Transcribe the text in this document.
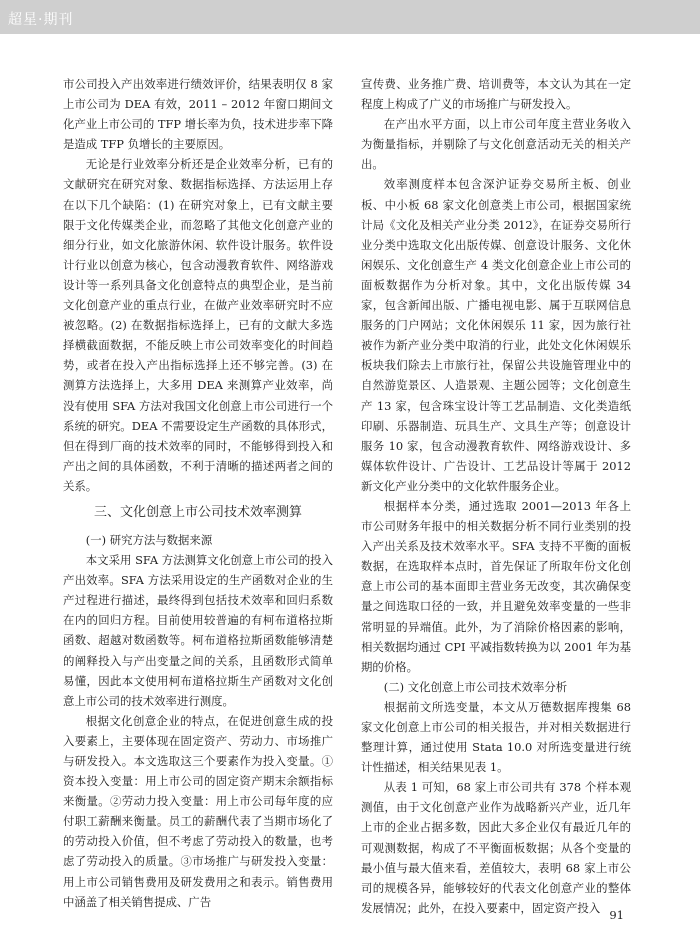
超星·期刊

市公司投入产出效率进行绩效评价，结果表明仅 8 家上市公司为 DEA 有效，2011 – 2012 年窗口期间文化产业上市公司的 TFP 增长率为负，技术进步率下降是造成 TFP 负增长的主要原因。

无论是行业效率分析还是企业效率分析，已有的文献研究在研究对象、数据指标选择、方法运用上存在以下几个缺陷：(1) 在研究对象上，已有文献主要限于文化传媒类企业，而忽略了其他文化创意产业的细分行业，如文化旅游休闲、软件设计服务。软件设计行业以创意为核心，包含动漫教育软件、网络游戏设计等一系列具备文化创意特点的典型企业，是当前文化创意产业的重点行业，在做产业效率研究时不应被忽略。(2) 在数据指标选择上，已有的文献大多选择横截面数据，不能反映上市公司效率变化的时间趋势，或者在投入产出指标选择上还不够完善。(3) 在测算方法选择上，大多用 DEA 来测算产业效率，尚没有使用 SFA 方法对我国文化创意上市公司进行一个系统的研究。DEA 不需要设定生产函数的具体形式，但在得到厂商的技术效率的同时，不能够得到投入和产出之间的具体函数，不利于清晰的描述两者之间的关系。

三、文化创意上市公司技术效率测算
(一) 研究方法与数据来源

本文采用 SFA 方法测算文化创意上市公司的投入产出效率。SFA 方法采用设定的生产函数对企业的生产过程进行描述，最终得到包括技术效率和回归系数在内的回归方程。目前使用较普遍的有柯布道格拉斯函数、超越对数函数等。柯布道格拉斯函数能够清楚的阐释投入与产出变量之间的关系，且函数形式简单易懂，因此本文使用柯布道格拉斯生产函数对文化创意上市公司的技术效率进行测度。

根据文化创意企业的特点，在促进创意生成的投入要素上，主要体现在固定资产、劳动力、市场推广与研发投入。本文选取这三个要素作为投入变量。①资本投入变量：用上市公司的固定资产期末余额指标来衡量。②劳动力投入变量：用上市公司每年度的应付职工薪酬来衡量。员工的薪酬代表了当期市场化了的劳动投入价值，但不考虑了劳动投入的数量，也考虑了劳动投入的质量。③市场推广与研发投入变量：用上市公司销售费用及研发费用之和表示。销售费用中涵盖了相关销售提成、广告

宣传费、业务推广费、培训费等，本文认为其在一定程度上构成了广义的市场推广与研发投入。

在产出水平方面，以上市公司年度主营业务收入为衡量指标，并剔除了与文化创意活动无关的相关产出。

效率测度样本包含深沪证券交易所主板、创业板、中小板 68 家文化创意类上市公司，根据国家统计局《文化及相关产业分类 2012》，在证券交易所行业分类中选取文化出版传媒、创意设计服务、文化休闲娱乐、文化创意生产 4 类文化创意企业上市公司的面板数据作为分析对象。其中，文化出版传媒 34 家，包含新闻出版、广播电视电影、属于互联网信息服务的门户网站；文化休闲娱乐 11 家，因为旅行社被作为新产业分类中取消的行业，此处文化休闲娱乐板块我们除去上市旅行社，保留公共设施管理业中的自然游览景区、人造景观、主题公园等；文化创意生产 13 家，包含珠宝设计等工艺品制造、文化类造纸印刷、乐器制造、玩具生产、文具生产等；创意设计服务 10 家，包含动漫教育软件、网络游戏设计、多媒体软件设计、广告设计、工艺品设计等属于 2012 新文化产业分类中的文化软件服务企业。

根据样本分类，通过选取 2001—2013 年各上市公司财务年报中的相关数据分析不同行业类别的投入产出关系及技术效率水平。SFA 支持不平衡的面板数据，在选取样本点时，首先保证了所取年份文化创意上市公司的基本面即主营业务无改变，其次确保变量之间选取口径的一致，并且避免效率变量的一些非常明显的异端值。此外，为了消除价格因素的影响，相关数据均通过 CPI 平减指数转换为以 2001 年为基期的价格。

(二) 文化创意上市公司技术效率分析

根据前文所选变量，本文从万德数据库搜集 68 家文化创意上市公司的相关报告，并对相关数据进行整理计算，通过使用 Stata 10.0 对所选变量进行统计性描述，相关结果见表 1。

从表 1 可知，68 家上市公司共有 378 个样本观测值，由于文化创意产业作为战略新兴产业，近几年上市的企业占据多数，因此大多企业仅有最近几年的可观测数据，构成了不平衡面板数据；从各个变量的最小值与最大值来看，差值较大，表明 68 家上市公司的规模各异，能够较好的代表文化创意产业的整体发展情况；此外，在投入要素中，固定资产投入

91
